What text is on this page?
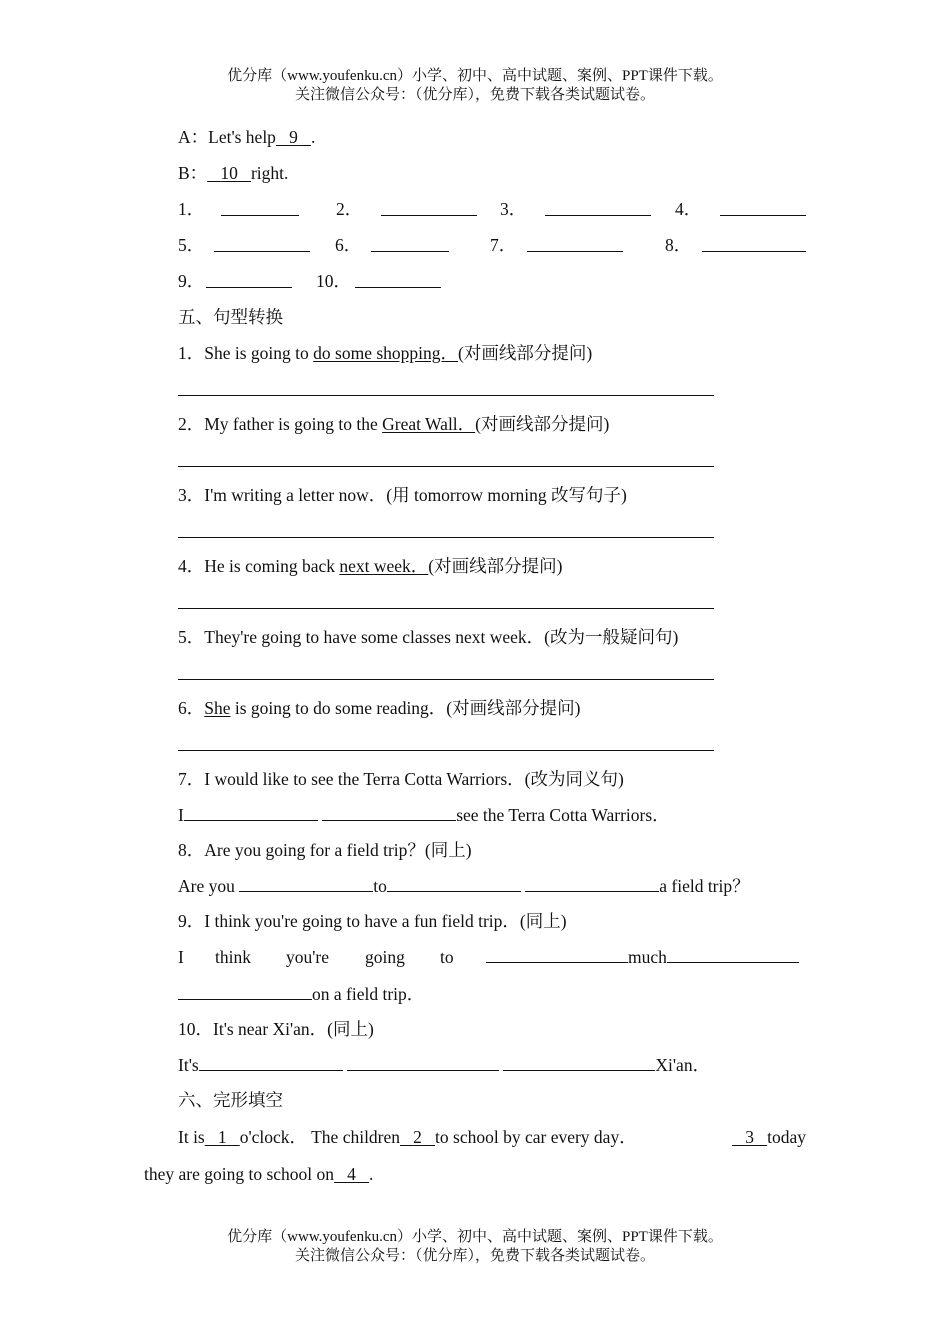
优分库（www.youfenku.cn）小学、初中、高中试题、案例、PPT课件下载。
关注微信公众号：（优分库），免费下载各类试题试卷。
A：Let's help 9 .
B： 10 right.
1．	2．	3．	4．
5．	6．	7．	8．
9．	10．
五、句型转换
1．She is going to do some shopping．(对画线部分提问)
2．My father is going to the Great Wall．(对画线部分提问)
3．I'm writing a letter now．(用 tomorrow morning 改写句子)
4．He is coming back next week．(对画线部分提问)
5．They're going to have some classes next week．(改为一般疑问句)
6．She is going to do some reading．(对画线部分提问)
7．I would like to see the Terra Cotta Warriors．(改为同义句)
I	see the Terra Cotta Warriors．
8．Are you going for a field trip？(同上)
Are you	to	a field trip？
9．I think you're going to have a fun field trip．(同上)
I think you're going to	much
on a field trip．
10．It's near Xi'an．(同上)
It's	Xi'an．
六、完形填空
It is 1 o'clock． The children 2 to school by car every day．	3 today
they are going to school on 4 .
优分库（www.youfenku.cn）小学、初中、高中试题、案例、PPT课件下载。
关注微信公众号：（优分库），免费下载各类试题试卷。
